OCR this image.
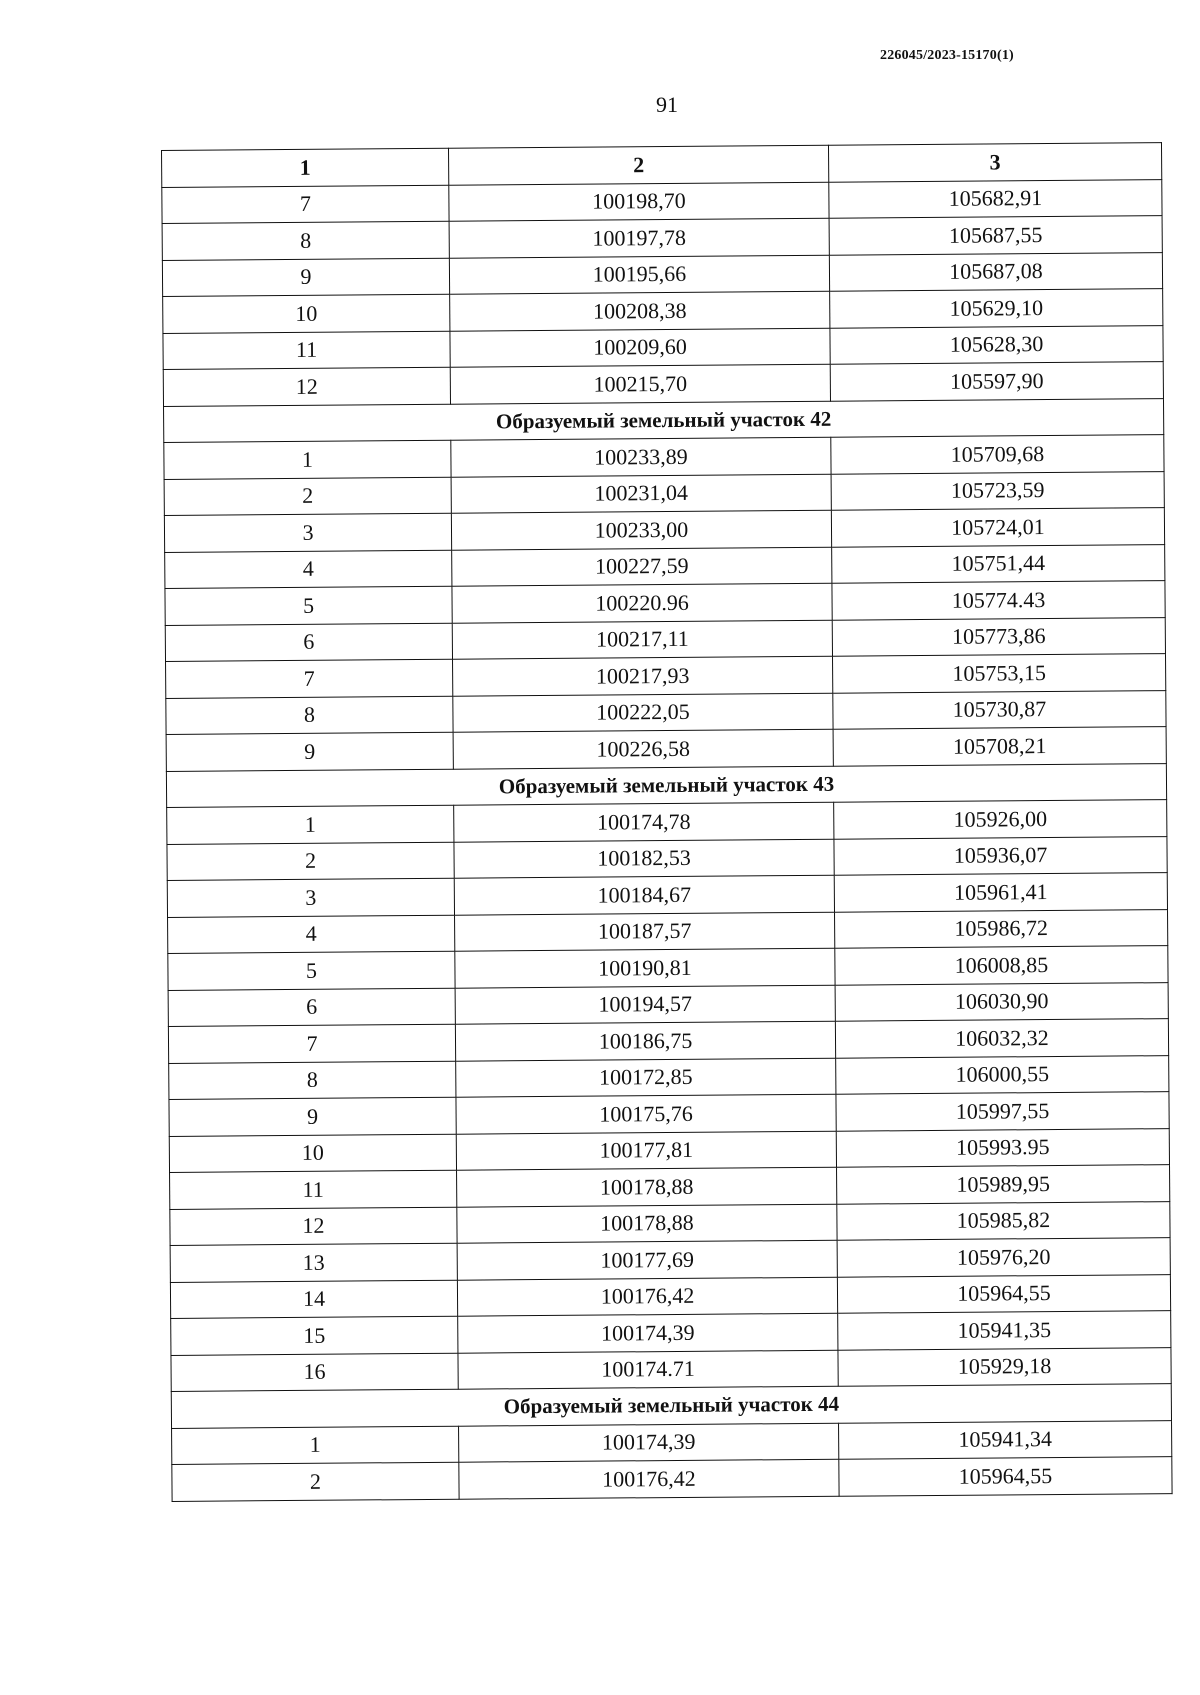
226045/2023-15170(1)
91
1	2	3
7	100198,70	105682,91
8	100197,78	105687,55
9	100195,66	105687,08
10	100208,38	105629,10
11	100209,60	105628,30
12	100215,70	105597,90
Образуемый земельный участок 42		
1	100233,89	105709,68
2	100231,04	105723,59
3	100233,00	105724,01
4	100227,59	105751,44
5	100220.96	105774.43
6	100217,11	105773,86
7	100217,93	105753,15
8	100222,05	105730,87
9	100226,58	105708,21
Образуемый земельный участок 43		
1	100174,78	105926,00
2	100182,53	105936,07
3	100184,67	105961,41
4	100187,57	105986,72
5	100190,81	106008,85
6	100194,57	106030,90
7	100186,75	106032,32
8	100172,85	106000,55
9	100175,76	105997,55
10	100177,81	105993.95
11	100178,88	105989,95
12	100178,88	105985,82
13	100177,69	105976,20
14	100176,42	105964,55
15	100174,39	105941,35
16	100174.71	105929,18
Образуемый земельный участок 44		
1	100174,39	105941,34
2	100176,42	105964,55
